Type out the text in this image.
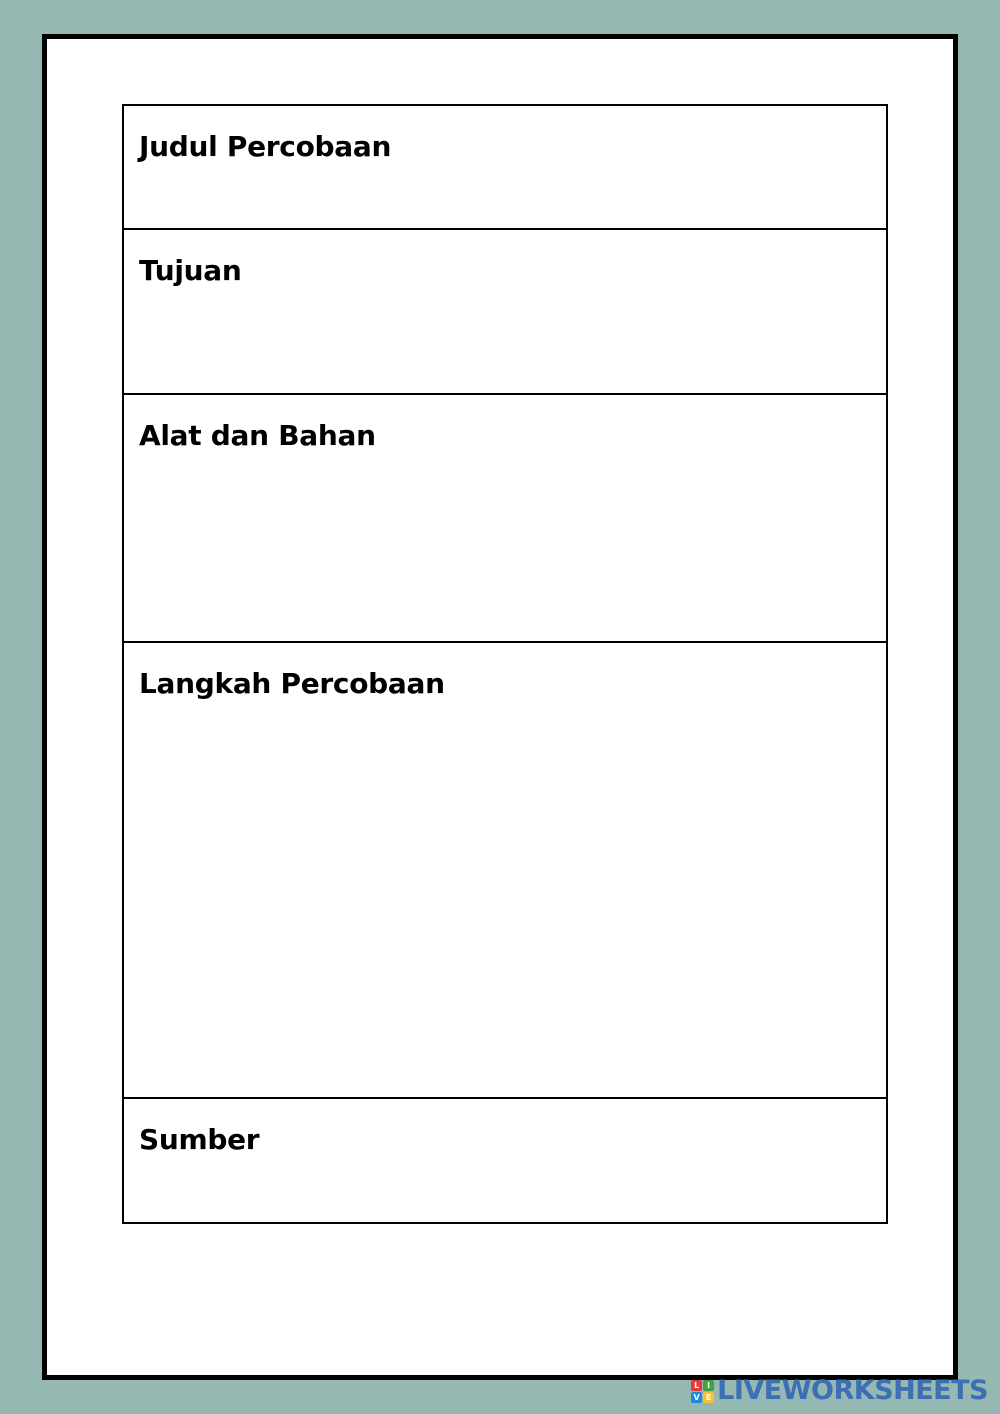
Judul Percobaan
Tujuan
Alat dan Bahan
Langkah Percobaan
Sumber
L I
V E LIVEWORKSHEETS
